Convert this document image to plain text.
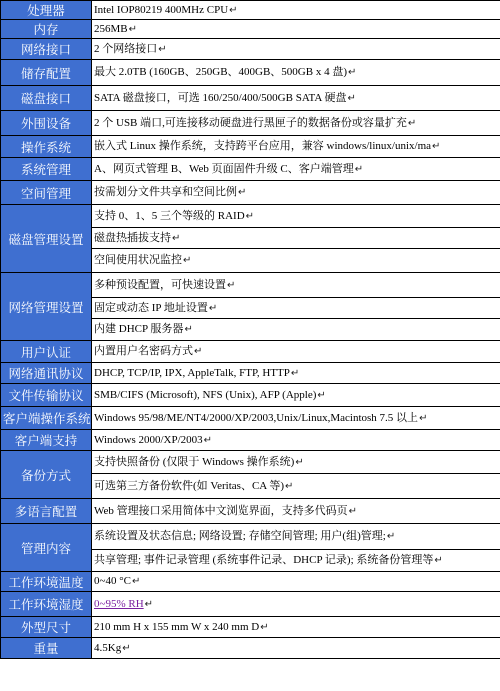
处理器	Intel IOP80219 400MHz CPU↵
内存	256MB↵
网络接口	2 个网络接口↵
储存配置	最大 2.0TB (160GB、250GB、400GB、500GB x 4 盘)↵
磁盘接口	SATA 磁盘接口，可选 160/250/400/500GB SATA 硬盘↵
外围设备	2 个 USB 端口,可连接移动硬盘进行黑匣子的数据备份或容量扩充↵
操作系统	嵌入式 Linux 操作系统，支持跨平台应用，兼容 windows/linux/unix/ma↵
系统管理	A、网页式管理 B、Web 页面固件升级 C、客户端管理↵
空间管理	按需划分文件共享和空间比例↵
磁盘管理设置	支持 0、1、5 三个等级的 RAID↵
	磁盘热插拔支持↵
	空间使用状况监控↵
网络管理设置	多种预设配置，可快速设置↵
	固定或动态 IP 地址设置↵
	内建 DHCP 服务器↵
用户认证	内置用户名密码方式↵
网络通讯协议	DHCP, TCP/IP, IPX, AppleTalk, FTP, HTTP↵
文件传输协议	SMB/CIFS (Microsoft), NFS (Unix), AFP (Apple)↵
客户端操作系统	Windows 95/98/ME/NT4/2000/XP/2003,Unix/Linux,Macintosh 7.5 以上↵
客户端支持	Windows 2000/XP/2003↵
备份方式	支持快照备份 (仅限于 Windows 操作系统)↵
	可选第三方备份软件(如 Veritas、CA 等)↵
多语言配置	Web 管理接口采用简体中文浏览界面，支持多代码页↵
管理内容	系统设置及状态信息; 网络设置; 存储空间管理; 用户(组)管理;↵
	共享管理; 事件记录管理 (系统事件记录、DHCP 记录); 系统备份管理等↵
工作环境温度	0~40 °C↵
工作环境湿度	0~95% RH↵
外型尺寸	210 mm H x 155 mm W x 240 mm D↵
重量	4.5Kg↵
